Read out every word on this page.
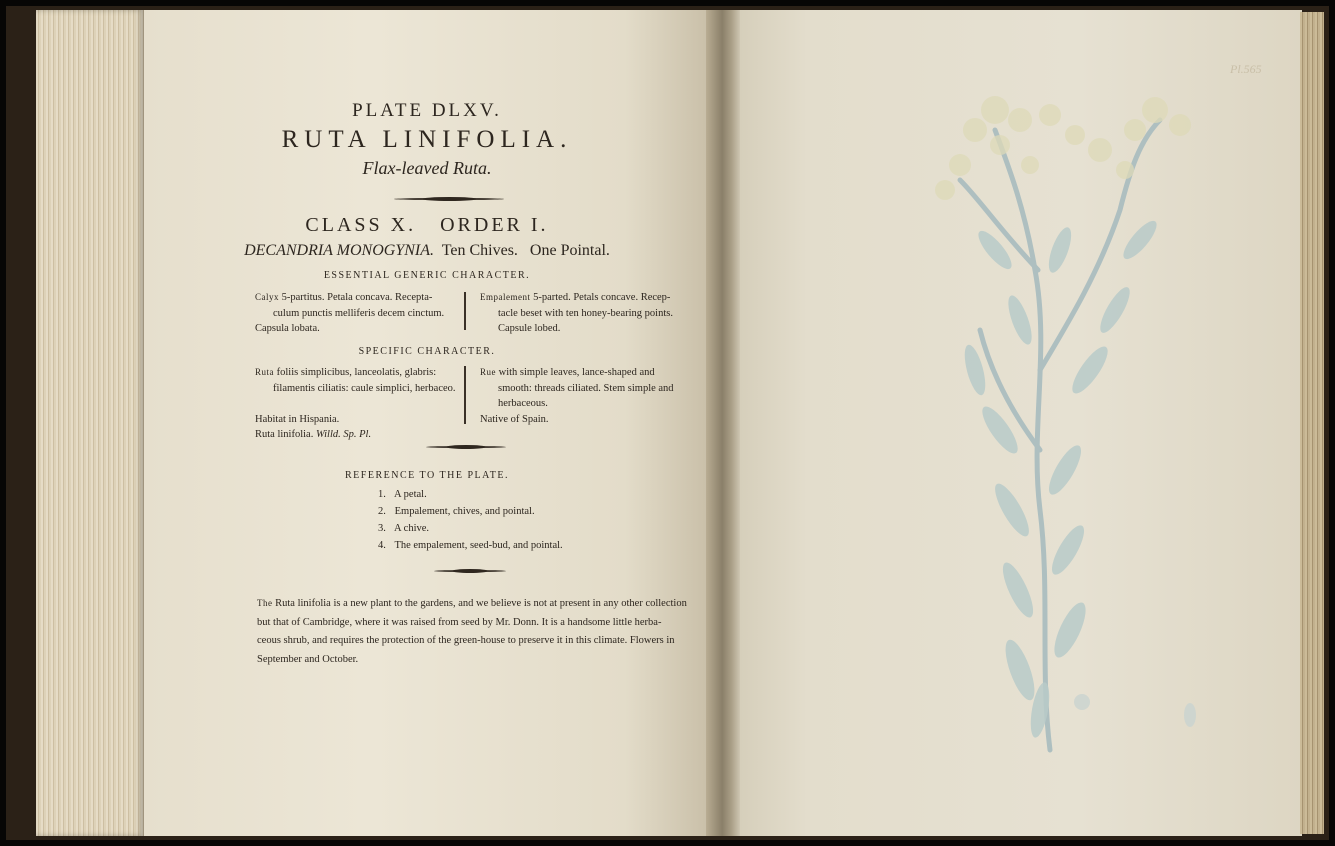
PLATE DLXV.

RUTA LINIFOLIA.

Flax-leaved Ruta.

CLASS X.   ORDER I.

DECANDRIA MONOGYNIA. Ten Chives.   One Pointal.

ESSENTIAL GENERIC CHARACTER.

Calyx 5-partitus. Petala concava. Recepta-
culum punctis melliferis decem cinctum.
Capsula lobata.
Empalement 5-parted. Petals concave. Recep-
tacle beset with ten honey-bearing points.
Capsule lobed.

SPECIFIC CHARACTER.

Ruta foliis simplicibus, lanceolatis, glabris:
filamentis ciliatis: caule simplici, herbaceo.
Habitat in Hispania.
Ruta linifolia. Willd. Sp. Pl.
Rue with simple leaves, lance-shaped and
smooth: threads ciliated. Stem simple and
herbaceous.
Native of Spain.

REFERENCE TO THE PLATE.

1. A petal.
2. Empalement, chives, and pointal.
3. A chive.
4. The empalement, seed-bud, and pointal.
The Ruta linifolia is a new plant to the gardens, and we believe is not at present in any other collection
but that of Cambridge, where it was raised from seed by Mr. Donn. It is a handsome little herba-
ceous shrub, and requires the protection of the green-house to preserve it in this climate. Flowers in
September and October.
Pl.565
